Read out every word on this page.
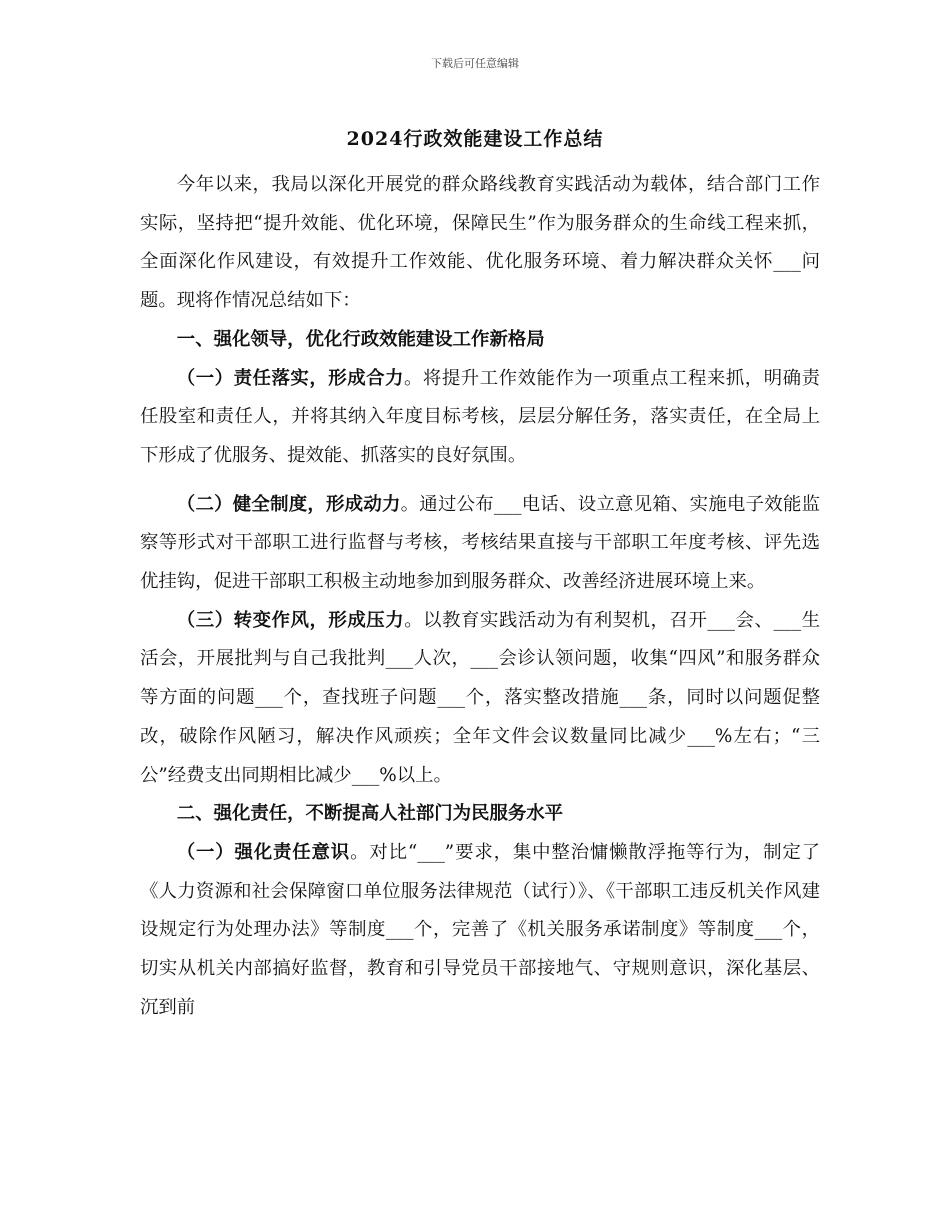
下载后可任意编辑
2024行政效能建设工作总结

今年以来，我局以深化开展党的群众路线教育实践活动为载体，结合部门工作实际，坚持把“提升效能、优化环境，保障民生”作为服务群众的生命线工程来抓，全面深化作风建设，有效提升工作效能、优化服务环境、着力解决群众关怀___问题。现将作情况总结如下：

一、强化领导，优化行政效能建设工作新格局

（一）责任落实，形成合力。将提升工作效能作为一项重点工程来抓，明确责任股室和责任人，并将其纳入年度目标考核，层层分解任务，落实责任，在全局上下形成了优服务、提效能、抓落实的良好氛围。

（二）健全制度，形成动力。通过公布___电话、设立意见箱、实施电子效能监察等形式对干部职工进行监督与考核，考核结果直接与干部职工年度考核、评先选优挂钩，促进干部职工积极主动地参加到服务群众、改善经济进展环境上来。

（三）转变作风，形成压力。以教育实践活动为有利契机，召开___会、___生活会，开展批判与自己我批判___人次，___会诊认领问题，收集“四风”和服务群众等方面的问题___个，查找班子问题___个，落实整改措施___条，同时以问题促整改，破除作风陋习，解决作风顽疾；全年文件会议数量同比减少___%左右；“三公”经费支出同期相比减少___%以上。

二、强化责任，不断提高人社部门为民服务水平

（一）强化责任意识。对比“___”要求，集中整治慵懒散浮拖等行为，制定了《人力资源和社会保障窗口单位服务法律规范（试行）》、《干部职工违反机关作风建设规定行为处理办法》等制度___个，完善了《机关服务承诺制度》等制度___个，切实从机关内部搞好监督，教育和引导党员干部接地气、守规则意识，深化基层、沉到前
